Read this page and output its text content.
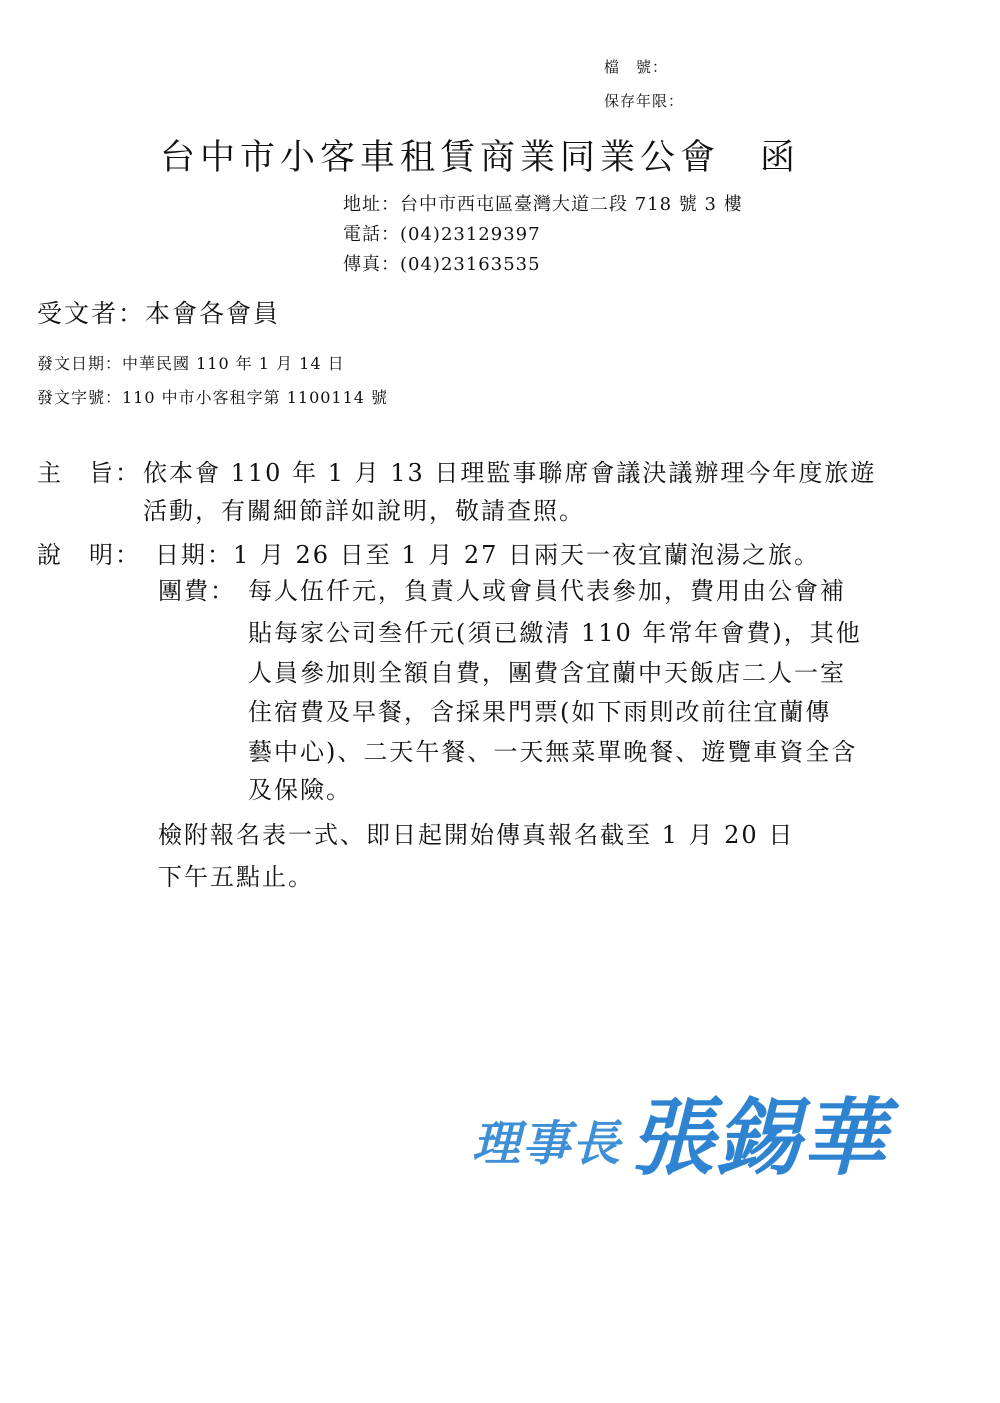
檔　號：
保存年限：
台中市小客車租賃商業同業公會　函
地址：台中市西屯區臺灣大道二段 718 號 3 樓
電話：(04)23129397
傳真：(04)23163535
受文者：本會各會員
發文日期：中華民國 110 年 1 月 14 日
發文字號：110 中市小客租字第 1100114 號
主　旨： 依本會 110 年 1 月 13 日理監事聯席會議決議辦理今年度旅遊
活動，有關細節詳如說明，敬請查照。
說　明： 日期：1 月 26 日至 1 月 27 日兩天一夜宜蘭泡湯之旅。
團費： 每人伍仟元，負責人或會員代表參加，費用由公會補
貼每家公司叁仟元(須已繳清 110 年常年會費)，其他
人員參加則全額自費，團費含宜蘭中天飯店二人一室
住宿費及早餐，含採果門票(如下雨則改前往宜蘭傳
藝中心)、二天午餐、一天無菜單晚餐、遊覽車資全含
及保險。
檢附報名表一式、即日起開始傳真報名截至 1 月 20 日
下午五點止。
理事長 張錫華
